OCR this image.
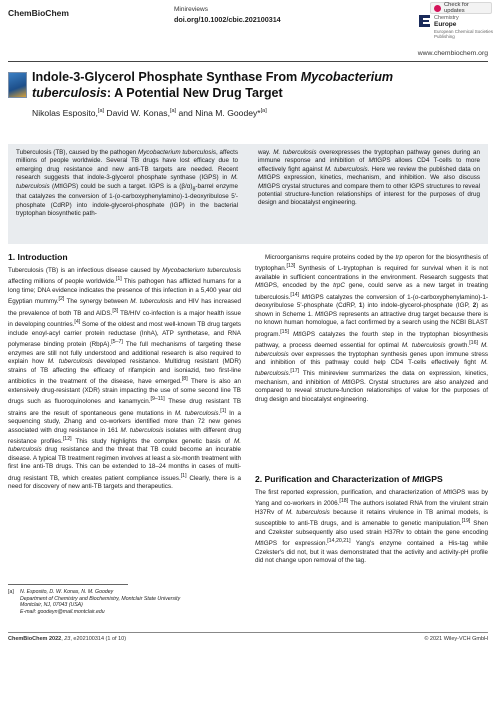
ChemBioChem	Minireviews
doi.org/10.1002/cbic.202100314
Check for updates
Chemistry
Europe
European Chemical Societies Publishing
www.chembiochem.org
Indole-3-Glycerol Phosphate Synthase From Mycobacterium tuberculosis: A Potential New Drug Target
Nikolas Esposito,[a] David W. Konas,[a] and Nina M. Goodey*[a]
Tuberculosis (TB), caused by the pathogen Mycobacterium tuberculosis, affects millions of people worldwide. Several TB drugs have lost efficacy due to emerging drug resistance and new anti-TB targets are needed. Recent research suggests that indole-3-glycerol phosphate synthase (IGPS) in M. tuberculosis (MtIGPS) could be such a target. IGPS is a $(\beta/\alpha)_8$-barrel enzyme that catalyzes the conversion of 1-(o-carboxyphenylamino)-1-deoxyribulose 5'-phosphate (CdRP) into indole-glycerol-phosphate (IGP) in the bacterial tryptophan biosynthetic path-
way. M. tuberculosis overexpresses the tryptophan pathway genes during an immune response and inhibition of MtIGPS allows CD4 T-cells to more effectively fight against M. tuberculosis. Here we review the published data on MtIGPS expression, kinetics, mechanism, and inhibition. We also discuss MtIGPS crystal structures and compare them to other IGPS structures to reveal potential structure-function relationships of interest for the purposes of drug design and biocatalyst engineering.
1. Introduction

Tuberculosis (TB) is an infectious disease caused by Mycobacterium tuberculosis affecting millions of people worldwide.[1] This pathogen has afflicted humans for a long time; DNA evidence indicates the presence of this infection in a 5,400 year old Egyptian mummy.[2] The synergy between M. tuberculosis and HIV has increased the prevalence of both TB and AIDS.[3] TB/HIV co-infection is a major health issue in developing countries.[4] Some of the oldest and most well-known TB drug targets include enoyl-acyl carrier protein reductase (InhA), ATP synthetase, and RNA polymerase binding protein (RbpA).[5–7] The full mechanisms of targeting these enzymes are still not fully understood and additional research is also required to explain how M. tuberculosis developed resistance. Multidrug resistant (MDR) strains of TB affecting the efficacy of rifampicin and isoniazid, two first-line antibiotics in the treatment of the disease, have emerged.[8] There is also an extensively drug-resistant (XDR) strain impacting the use of some second line TB drugs such as fluoroquinolones and kanamycin.[9–11] These drug resistant TB strains are the result of spontaneous gene mutations in M. tuberculosis.[1] In a sequencing study, Zhang and co-workers identified more than 72 new genes associated with drug resistance in 161 M. tuberculosis isolates with different drug resistance profiles.[12] This study highlights the complex genetic basis of M. tuberculosis drug resistance and the threat that TB could become an incurable disease. A typical TB treatment regimen involves at least a six-month treatment with first line anti-TB drugs. This can be extended to 18–24 months in cases of multi-drug resistant TB, which creates patient compliance issues.[1] Clearly, there is a need for discovery of new anti-TB targets and therapeutics.

Microorganisms require proteins coded by the trp operon for the biosynthesis of tryptophan.[13] Synthesis of L-tryptophan is required for survival when it is not available in sufficient concentrations in the environment. Research suggests that MtIGPS, encoded by the trpC gene, could serve as a new target in treating tuberculosis.[14] MtIGPS catalyzes the conversion of 1-(o-carboxyphenylamino)-1-deoxyribulose 5'-phosphate (CdRP, 1) into indole-glycerol-phosphate (IGP, 2) as shown in Scheme 1. MtIGPS represents an attractive drug target because there is no known human homologue, a fact confirmed by a search using the NCBI BLAST program.[15] MtIGPS catalyzes the fourth step in the tryptophan biosynthesis pathway, a process deemed essential for optimal M. tuberculosis growth.[16] M. tuberculosis over expresses the tryptophan synthesis genes upon immune stress and inhibition of this pathway could help CD4 T-cells effectively fight M. tuberculosis.[17] This minireview summarizes the data on expression, kinetics, mechanism, and inhibition of MtIGPS. Crystal structures are also analyzed and compared to reveal structure-function relationships of value for the purposes of drug design and biocatalyst engineering.

2. Purification and Characterization of MtIGPS

The first reported expression, purification, and characterization of MtIGPS was by Yang and co-workers in 2006.[18] The authors isolated RNA from the virulent strain H37Rv of M. tuberculosis because it retains virulence in TB animal models, is susceptible to anti-TB drugs, and is amenable to genetic manipulation.[19] Shen and Czekster subsequently also used strain H37Rv to obtain the gene encoding MtIGPS for expression.[14,20,21] Yang's enzyme contained a His-tag while Czekster's did not, but it was demonstrated that the activity and activity-pH profile did not change upon removal of the tag.

[a] N. Esposito, D. W. Konas, N. M. Goodey
Department of Chemistry and Biochemistry, Montclair State University
Montclair, NJ, 07043 (USA)
E-mail: goodeyn@mail.montclair.edu
ChemBioChem 2022, 23, e202100314 (1 of 10)	© 2021 Wiley-VCH GmbH
